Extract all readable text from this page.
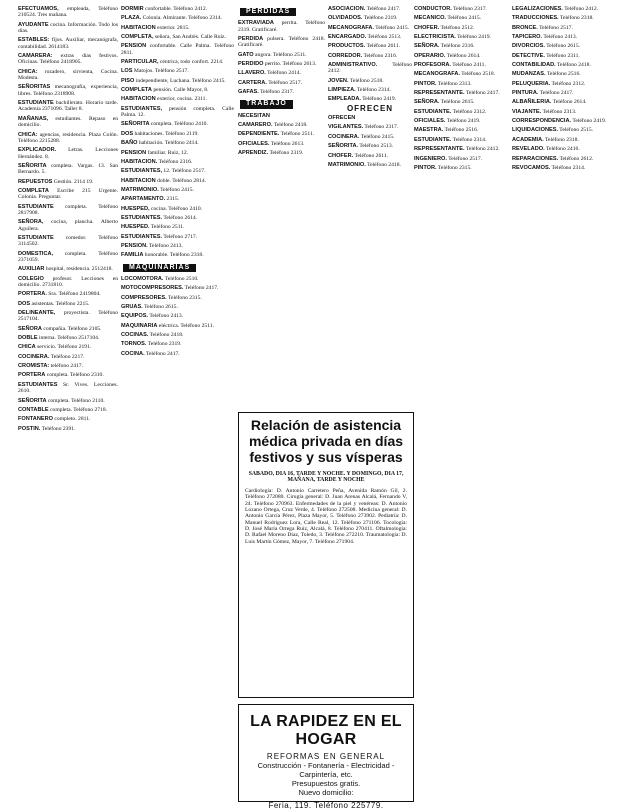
EFECTUAMOS, empleada, Teléfono 210524. Tres mañana.

AYUDANTE cocina. Información. Todo los días.

ESTABLES: fijos. Auxiliar, mecanógrafa, contabilidad. 2614183.

CAMARERA: extras días festivos. Oficinas. Teléfono 2418905.

CHICA: rozadero, sirvienta, Cocina. Modesta.

SEÑORITAS mecanografía, experiencia, libres. Teléfono 2318908.

ESTUDIANTE bachillerato. Horario tarde. Academia 2371096. Taller 8.

MAÑANAS, estudiantes. Repaso en domicilio.

CHICA: agencias, residencia. Plaza Colón. Teléfono 2215288.

EXPLICADOR. Letras. Lecciones Hernández. 8.

SEÑORITA completa. Vargas. 13. San Bernardo. 5.

REPUESTOS Gestión. 2114 19.

COMPLETA Escribe 215 Urgente. Colonia. Preguntar.

ESTUDIANTE completa. Teléfono 2817908.

SEÑORA, cocina, plancha. Alberto Aguilera.

ESTUDIANTE comedor. Teléfono 3114502.

DOMESTICA, completa. Teléfono 2371059.

AUXILIAR hospital, residencia. 2512418.

COLEGIO profesor. Lecciones en domicilio. 2731810.

PORTERA. Sra. Teléfono 2419804.

DOS asistentas. Teléfono 2215.

DELINEANTE, proyectista. Teléfono 2517104.

SEÑORA compañía. Teléfono 2105.

DOBLE interna. Teléfono 2517104.

CHICA servicio. Teléfono 2191.

COCINERA. Teléfono 2217.

CROMISTA: teléfono 2417.

PORTERA completa. Teléfono 2310.

ESTUDIANTES Sr. Vives. Lecciones. 2610.

SEÑORITA completa. Teléfono 2110.

CONTABLE completa. Teléfono 2718.

FONTANERO completo. 2811.

POSTIN. Teléfono 2391.

DORMIR confortable. Teléfono 2412.

PLAZA. Colonia. Almirante. Teléfono 2314.

HABITACION exterior. 2815.

COMPLETA, señora, San Andrés. Calle Ruiz.

PENSION confortable. Calle Palma. Teléfono 2811.

PARTICULAR, céntrica, todo confort. 2214.

LOS Matojos. Teléfono 2517.

PISO independiente, Luchana. Teléfono 2415.

COMPLETA pensión. Calle Mayor, 8.

HABITACION exterior, cocina. 2311.

ESTUDIANTES, pensión completa. Calle Palma. 12.

SEÑORITA completa. Teléfono 2410.

DOS habitaciones. Teléfono 2119.

BAÑO habitación. Teléfono 2414.

PENSION familiar. Ruiz, 12.

HABITACION. Teléfono 2316.

ESTUDIANTES, 12. Teléfono 2517.

HABITACION doble. Teléfono 2814.

MATRIMONIO. Teléfono 2415.

APARTAMENTO. 2315.

HUESPED, cocina. Teléfono 2410.

ESTUDIANTES. Teléfono 2614.

HUESPED. Teléfono 2511.

ESTUDIANTES. Teléfono 2717.

PENSION. Teléfono 2413.

FAMILIA honorable. Teléfono 2318.

MAQUINARIAS

LOCOMOTORA. Teléfono 2510.

MOTOCOMPRESORES. Teléfono 2417.

COMPRESORES. Teléfono 2315.

GRUAS. Teléfono 2615.

EQUIPOS. Teléfono 2413.

MAQUINARIA eléctrica. Teléfono 2511.

COCINAS. Teléfono 2418.

TORNOS. Teléfono 2319.

COCINA. Teléfono 2417.

PERDIDAS

EXTRAVIADA perrita. Teléfono 2319. Gratificaré.

PERDIDA pulsera. Teléfono 2418. Gratificaré.

GATO angora. Teléfono 2511.

PERDIDO perrito. Teléfono 2613.

LLAVERO. Teléfono 2414.

CARTERA. Teléfono 2517.

GAFAS. Teléfono 2317.

TRABAJO

NECESITAN

CAMARERO. Teléfono 2418.

DEPENDIENTE. Teléfono 2511.

OFICIALES. Teléfono 2613.

APRENDIZ. Teléfono 2319.

ASOCIACION. Teléfono 2417.

OLVIDADOS. Teléfono 2319.

MECANOGRAFA. Teléfono 2415.

ENCARGADO. Teléfono 2513.

PRODUCTOS. Teléfono 2611.

CORREDOR. Teléfono 2316.

ADMINISTRATIVO. Teléfono 2412.

JOVEN. Teléfono 2518.

LIMPIEZA. Teléfono 2314.

EMPLEADA. Teléfono 2419.

OFRECEN

OFRECEN

VIGILANTES. Teléfono 2317.

COCINERA. Teléfono 2415.

SEÑORITA. Teléfono 2513.

CHOFER. Teléfono 2611.

MATRIMONIO. Teléfono 2418.

CONDUCTOR. Teléfono 2317.

MECANICO. Teléfono 2415.

CHOFER. Teléfono 2512.

ELECTRICISTA. Teléfono 2419.

SEÑORA. Teléfono 2316.

OPERARIO. Teléfono 2614.

PROFESORA. Teléfono 2411.

MECANOGRAFA. Teléfono 2518.

PINTOR. Teléfono 2313.

REPRESENTANTE. Teléfono 2417.

SEÑORA. Teléfono 2615.

ESTUDIANTE. Teléfono 2312.

OFICIALES. Teléfono 2419.

MAESTRA. Teléfono 2516.

ESTUDIANTE. Teléfono 2314.

REPRESENTANTE. Teléfono 2412.

INGENIERO. Teléfono 2517.

PINTOR. Teléfono 2315.

LEGALIZACIONES. Teléfono 2412.

TRADUCCIONES. Teléfono 2318.

BRONCE. Teléfono 2517.

TAPICERO. Teléfono 2413.

DIVORCIOS. Teléfono 2615.

DETECTIVE. Teléfono 2311.

CONTABILIDAD. Teléfono 2418.

MUDANZAS. Teléfono 2516.

PELUQUERIA. Teléfono 2312.

PINTURA. Teléfono 2417.

ALBAÑILERIA. Teléfono 2614.

VIAJANTE. Teléfono 2313.

CORRESPONDENCIA. Teléfono 2419.

LIQUIDACIONES. Teléfono 2515.

ACADEMIA. Teléfono 2318.

REVELADO. Teléfono 2416.

REPARACIONES. Teléfono 2612.

REVOCAMOS. Teléfono 2314.

Relación de asistencia médica privada en días festivos y sus vísperas
SABADO, DIA 16, TARDE Y NOCHE. Y DOMINGO, DIA 17, MAÑANA, TARDE Y NOCHE
Cardiología: D. Antonio Carretero Peña, Avenida Ramón Gil, 2. Teléfono 272080. Cirugía general: D. Juan Arenas Alcalá, Fernando V, 24. Teléfono 270963. Enfermedades de la piel y venéreas: D. Antonio Lozano Ortega, Cruz Verde, 4. Teléfono 272508. Medicina general: D. Antonio García Pérez, Plaza Mayor, 5. Teléfono 273902. Pediatría: D. Manuel Rodríguez Lora, Calle Real, 12. Teléfono 271106. Tocología: D. José María Ortega Ruiz, Alcalá, 8. Teléfono 270411. Oftalmología: D. Rafael Moreno Díaz, Toledo, 3. Teléfono 272210. Traumatología: D. Luis Martín Gómez, Mayor, 7. Teléfono 271904.
LA RAPIDEZ EN EL HOGAR
REFORMAS EN GENERAL
Construcción - Fontanería - Electricidad - Carpintería, etc.
Presupuestos gratis.
Nuevo domicilio:
Feria, 119. Teléfono 225779.
